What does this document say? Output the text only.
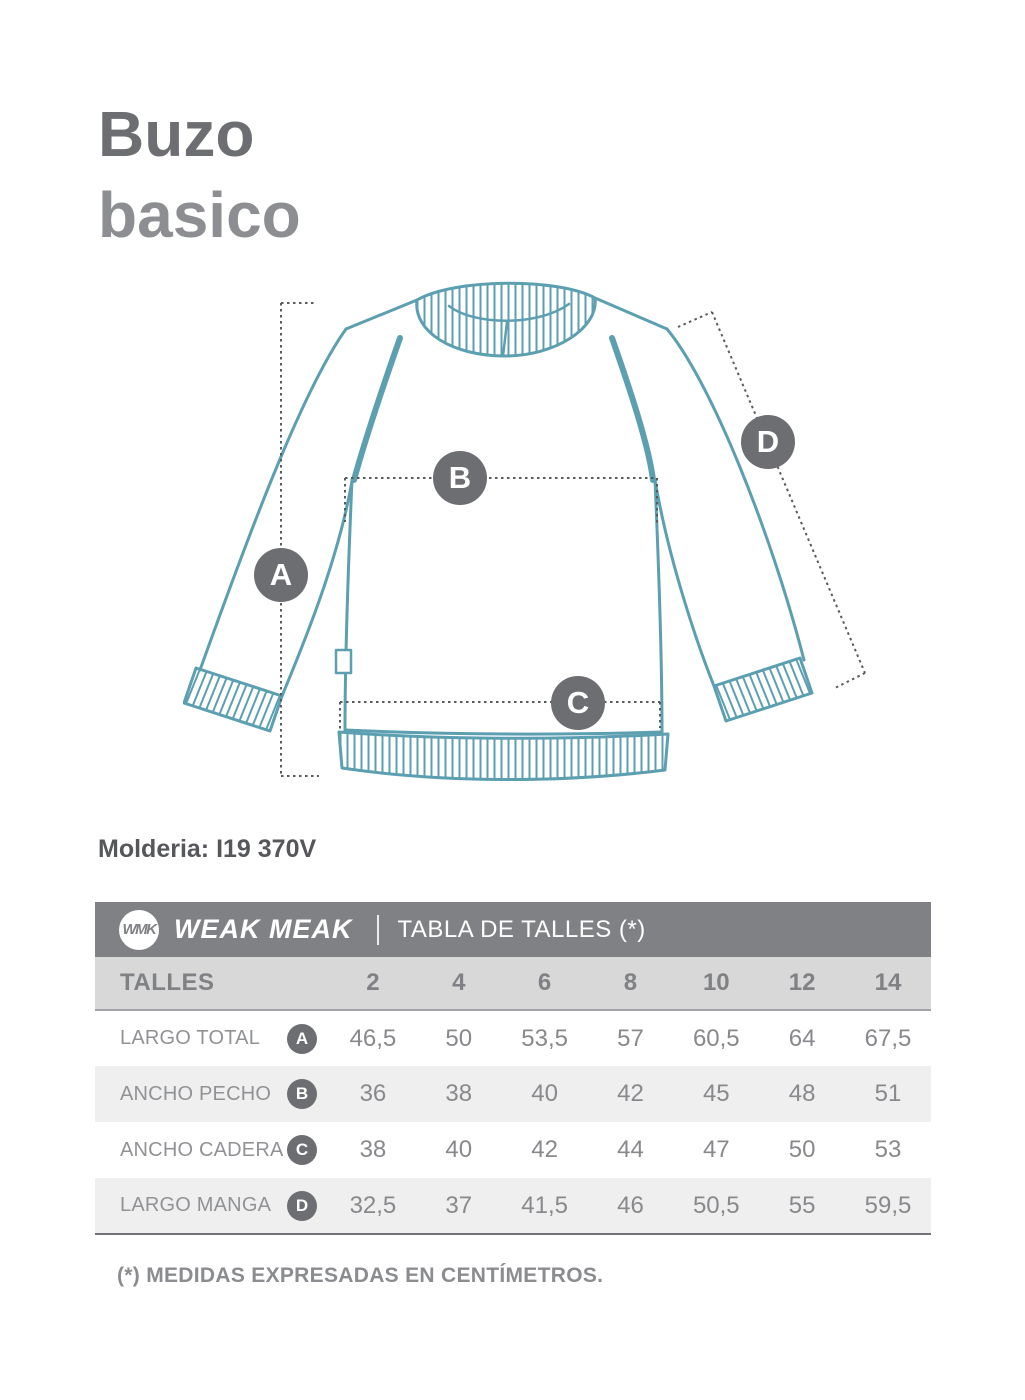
Buzo
basico
A
B
C
D
Molderia: I19 370V
WMK WEAK MEAK TABLA DE TALLES (*)
TALLES	2	4	6	8	10	12	14

LARGO TOTAL A	46,5	50	53,5	57	60,5	64	67,5

ANCHO PECHO B	36	38	40	42	45	48	51

ANCHO CADERA C	38	40	42	44	47	50	53

LARGO MANGA D	32,5	37	41,5	46	50,5	55	59,5
(*) MEDIDAS EXPRESADAS EN CENTÍMETROS.
